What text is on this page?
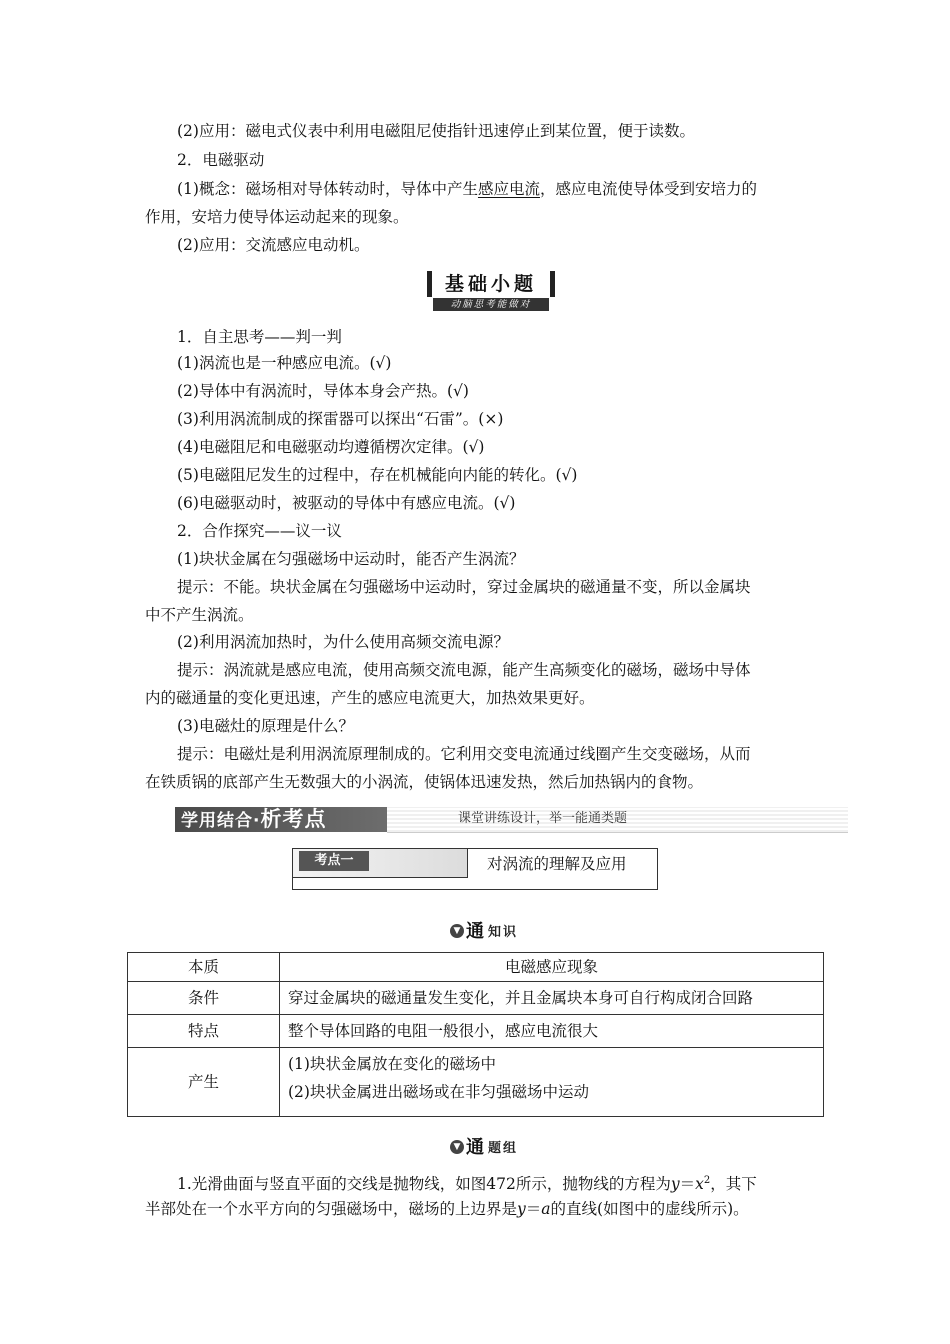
(2)应用：磁电式仪表中利用电磁阻尼使指针迅速停止到某位置，便于读数。
2．电磁驱动
(1)概念：磁场相对导体转动时，导体中产生感应电流，感应电流使导体受到安培力的
作用，安培力使导体运动起来的现象。
(2)应用：交流感应电动机。
基础小题
动脑思考能做对
1．自主思考——判一判
(1)涡流也是一种感应电流。(√)
(2)导体中有涡流时，导体本身会产热。(√)
(3)利用涡流制成的探雷器可以探出“石雷”。(×)
(4)电磁阻尼和电磁驱动均遵循楞次定律。(√)
(5)电磁阻尼发生的过程中，存在机械能向内能的转化。(√)
(6)电磁驱动时，被驱动的导体中有感应电流。(√)
2．合作探究——议一议
(1)块状金属在匀强磁场中运动时，能否产生涡流？
提示：不能。块状金属在匀强磁场中运动时，穿过金属块的磁通量不变，所以金属块
中不产生涡流。
(2)利用涡流加热时，为什么使用高频交流电源？
提示：涡流就是感应电流，使用高频交流电源，能产生高频变化的磁场，磁场中导体
内的磁通量的变化更迅速，产生的感应电流更大，加热效果更好。
(3)电磁灶的原理是什么？
提示：电磁灶是利用涡流原理制成的。它利用交变电流通过线圈产生交变磁场，从而
在铁质锅的底部产生无数强大的小涡流，使锅体迅速发热，然后加热锅内的食物。
学用结合·析考点	课堂讲练设计，举一能通类题
考点一	对涡流的理解及应用
▼ 通 知识
本质	电磁感应现象
条件	穿过金属块的磁通量发生变化，并且金属块本身可自行构成闭合回路
特点	整个导体回路的电阻一般很小，感应电流很大
产生	(1)块状金属放在变化的磁场中
(2)块状金属进出磁场或在非匀强磁场中运动
▼ 通 题组
1.光滑曲面与竖直平面的交线是抛物线，如图472所示，抛物线的方程为$y=x^2$，其下
半部处在一个水平方向的匀强磁场中，磁场的上边界是y＝a的直线(如图中的虚线所示)。
